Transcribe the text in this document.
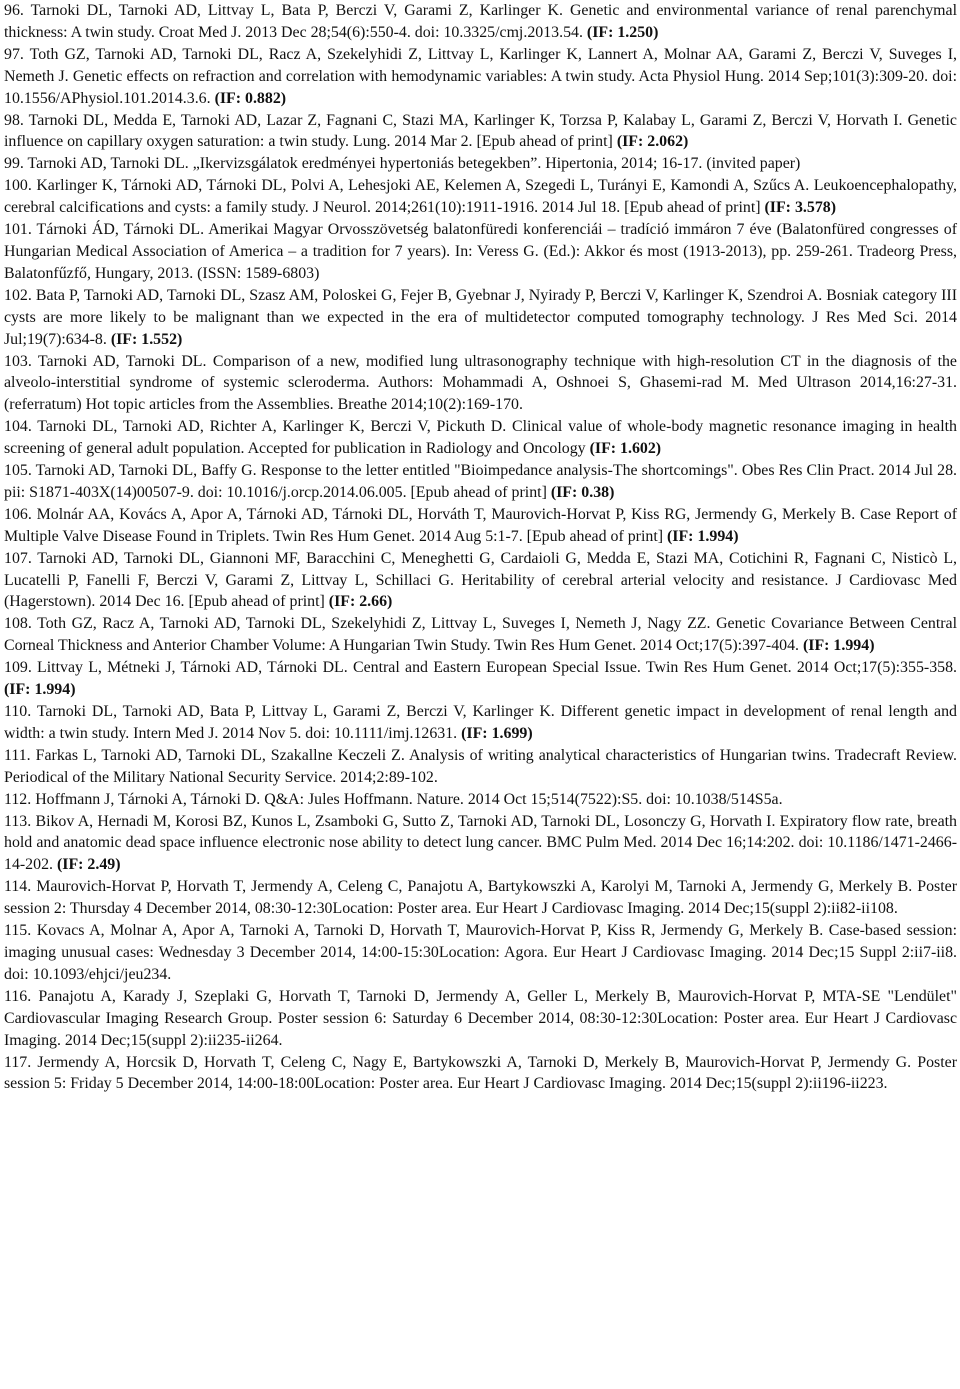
96. Tarnoki DL, Tarnoki AD, Littvay L, Bata P, Berczi V, Garami Z, Karlinger K. Genetic and environmental variance of renal parenchymal thickness: A twin study. Croat Med J. 2013 Dec 28;54(6):550-4. doi: 10.3325/cmj.2013.54. (IF: 1.250)

97. Toth GZ, Tarnoki AD, Tarnoki DL, Racz A, Szekelyhidi Z, Littvay L, Karlinger K, Lannert A, Molnar AA, Garami Z, Berczi V, Suveges I, Nemeth J. Genetic effects on refraction and correlation with hemodynamic variables: A twin study. Acta Physiol Hung. 2014 Sep;101(3):309-20. doi: 10.1556/APhysiol.101.2014.3.6. (IF: 0.882)

98. Tarnoki DL, Medda E, Tarnoki AD, Lazar Z, Fagnani C, Stazi MA, Karlinger K, Torzsa P, Kalabay L, Garami Z, Berczi V, Horvath I. Genetic influence on capillary oxygen saturation: a twin study. Lung. 2014 Mar 2. [Epub ahead of print] (IF: 2.062)

99. Tarnoki AD, Tarnoki DL. „Ikervizsgálatok eredményei hypertoniás betegekben”. Hipertonia, 2014; 16-17. (invited paper)

100. Karlinger K, Tárnoki AD, Tárnoki DL, Polvi A, Lehesjoki AE, Kelemen A, Szegedi L, Turányi E, Kamondi A, Szűcs A. Leukoencephalopathy, cerebral calcifications and cysts: a family study. J Neurol. 2014;261(10):1911-1916. 2014 Jul 18. [Epub ahead of print] (IF: 3.578)

101. Tárnoki ÁD, Tárnoki DL. Amerikai Magyar Orvosszövetség balatonfüredi konferenciái – tradíció immáron 7 éve (Balatonfüred congresses of Hungarian Medical Association of America – a tradition for 7 years). In: Veress G. (Ed.): Akkor és most (1913-2013), pp. 259-261. Tradeorg Press, Balatonfűzfő, Hungary, 2013. (ISSN: 1589-6803)

102. Bata P, Tarnoki AD, Tarnoki DL, Szasz AM, Poloskei G, Fejer B, Gyebnar J, Nyirady P, Berczi V, Karlinger K, Szendroi A. Bosniak category III cysts are more likely to be malignant than we expected in the era of multidetector computed tomography technology. J Res Med Sci. 2014 Jul;19(7):634-8. (IF: 1.552)

103. Tarnoki AD, Tarnoki DL. Comparison of a new, modified lung ultrasonography technique with high-resolution CT in the diagnosis of the alveolo-interstitial syndrome of systemic scleroderma. Authors: Mohammadi A, Oshnoei S, Ghasemi-rad M. Med Ultrason 2014,16:27-31. (referratum) Hot topic articles from the Assemblies. Breathe 2014;10(2):169-170.

104. Tarnoki DL, Tarnoki AD, Richter A, Karlinger K, Berczi V, Pickuth D. Clinical value of whole-body magnetic resonance imaging in health screening of general adult population. Accepted for publication in Radiology and Oncology (IF: 1.602)

105. Tarnoki AD, Tarnoki DL, Baffy G. Response to the letter entitled "Bioimpedance analysis-The shortcomings". Obes Res Clin Pract. 2014 Jul 28. pii: S1871-403X(14)00507-9. doi: 10.1016/j.orcp.2014.06.005. [Epub ahead of print] (IF: 0.38)

106. Molnár AA, Kovács A, Apor A, Tárnoki AD, Tárnoki DL, Horváth T, Maurovich-Horvat P, Kiss RG, Jermendy G, Merkely B. Case Report of Multiple Valve Disease Found in Triplets. Twin Res Hum Genet. 2014 Aug 5:1-7. [Epub ahead of print] (IF: 1.994)

107. Tarnoki AD, Tarnoki DL, Giannoni MF, Baracchini C, Meneghetti G, Cardaioli G, Medda E, Stazi MA, Cotichini R, Fagnani C, Nisticò L, Lucatelli P, Fanelli F, Berczi V, Garami Z, Littvay L, Schillaci G. Heritability of cerebral arterial velocity and resistance. J Cardiovasc Med (Hagerstown). 2014 Dec 16. [Epub ahead of print] (IF: 2.66)

108. Toth GZ, Racz A, Tarnoki AD, Tarnoki DL, Szekelyhidi Z, Littvay L, Suveges I, Nemeth J, Nagy ZZ. Genetic Covariance Between Central Corneal Thickness and Anterior Chamber Volume: A Hungarian Twin Study. Twin Res Hum Genet. 2014 Oct;17(5):397-404. (IF: 1.994)

109. Littvay L, Métneki J, Tárnoki AD, Tárnoki DL. Central and Eastern European Special Issue. Twin Res Hum Genet. 2014 Oct;17(5):355-358. (IF: 1.994)

110. Tarnoki DL, Tarnoki AD, Bata P, Littvay L, Garami Z, Berczi V, Karlinger K. Different genetic impact in development of renal length and width: a twin study. Intern Med J. 2014 Nov 5. doi: 10.1111/imj.12631. (IF: 1.699)

111. Farkas L, Tarnoki AD, Tarnoki DL, Szakallne Keczeli Z. Analysis of writing analytical characteristics of Hungarian twins. Tradecraft Review. Periodical of the Military National Security Service. 2014;2:89-102.

112. Hoffmann J, Tárnoki A, Tárnoki D. Q&A: Jules Hoffmann. Nature. 2014 Oct 15;514(7522):S5. doi: 10.1038/514S5a.

113. Bikov A, Hernadi M, Korosi BZ, Kunos L, Zsamboki G, Sutto Z, Tarnoki AD, Tarnoki DL, Losonczy G, Horvath I. Expiratory flow rate, breath hold and anatomic dead space influence electronic nose ability to detect lung cancer. BMC Pulm Med. 2014 Dec 16;14:202. doi: 10.1186/1471-2466-14-202. (IF: 2.49)

114. Maurovich-Horvat P, Horvath T, Jermendy A, Celeng C, Panajotu A, Bartykowszki A, Karolyi M, Tarnoki A, Jermendy G, Merkely B. Poster session 2: Thursday 4 December 2014, 08:30-12:30Location: Poster area. Eur Heart J Cardiovasc Imaging. 2014 Dec;15(suppl 2):ii82-ii108.

115. Kovacs A, Molnar A, Apor A, Tarnoki A, Tarnoki D, Horvath T, Maurovich-Horvat P, Kiss R, Jermendy G, Merkely B. Case-based session: imaging unusual cases: Wednesday 3 December 2014, 14:00-15:30Location: Agora. Eur Heart J Cardiovasc Imaging. 2014 Dec;15 Suppl 2:ii7-ii8. doi: 10.1093/ehjci/jeu234.

116. Panajotu A, Karady J, Szeplaki G, Horvath T, Tarnoki D, Jermendy A, Geller L, Merkely B, Maurovich-Horvat P, MTA-SE "Lendület" Cardiovascular Imaging Research Group. Poster session 6: Saturday 6 December 2014, 08:30-12:30Location: Poster area. Eur Heart J Cardiovasc Imaging. 2014 Dec;15(suppl 2):ii235-ii264.

117. Jermendy A, Horcsik D, Horvath T, Celeng C, Nagy E, Bartykowszki A, Tarnoki D, Merkely B, Maurovich-Horvat P, Jermendy G. Poster session 5: Friday 5 December 2014, 14:00-18:00Location: Poster area. Eur Heart J Cardiovasc Imaging. 2014 Dec;15(suppl 2):ii196-ii223.
